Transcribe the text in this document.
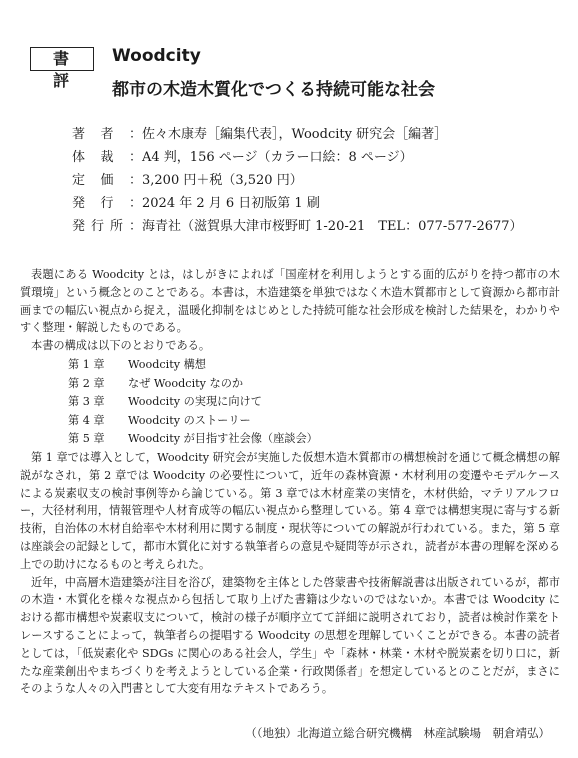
書 評
Woodcity
都市の木造木質化でつくる持続可能な社会
著者： 佐々木康寿［編集代表］，Woodcity 研究会［編著］
体裁： A4 判，156 ページ（カラー口絵：8 ページ）
定価： 3,200 円＋税（3,520 円）
発行： 2024 年 2 月 6 日初版第 1 刷
発行所： 海青社（滋賀県大津市桜野町 1-20-21　TEL：077-577-2677）

表題にある Woodcity とは，はしがきによれば「国産材を利用しようとする面的広がりを持つ都市の木質環境」という概念とのことである。本書は，木造建築を単独ではなく木造木質都市として資源から都市計画までの幅広い視点から捉え，温暖化抑制をはじめとした持続可能な社会形成を検討した結果を，わかりやすく整理・解説したものである。

本書の構成は以下のとおりである。

第 1 章	Woodcity 構想
第 2 章	なぜ Woodcity なのか
第 3 章	Woodcity の実現に向けて
第 4 章	Woodcity のストーリー
第 5 章	Woodcity が目指す社会像（座談会）

第 1 章では導入として，Woodcity 研究会が実施した仮想木造木質都市の構想検討を通じて概念構想の解説がなされ，第 2 章では Woodcity の必要性について，近年の森林資源・木材利用の変遷やモデルケースによる炭素収支の検討事例等から論じている。第 3 章では木材産業の実情を，木材供給，マテリアルフロー，大径材利用，情報管理や人材育成等の幅広い視点から整理している。第 4 章では構想実現に寄与する新技術，自治体の木材自給率や木材利用に関する制度・現状等についての解説が行われている。また，第 5 章は座談会の記録として，都市木質化に対する執筆者らの意見や疑問等が示され，読者が本書の理解を深める上での助けになるものと考えられた。

近年，中高層木造建築が注目を浴び，建築物を主体とした啓蒙書や技術解説書は出版されているが，都市の木造・木質化を様々な視点から包括して取り上げた書籍は少ないのではないか。本書では Woodcity における都市構想や炭素収支について，検討の様子が順序立てて詳細に説明されており，読者は検討作業をトレースすることによって，執筆者らの提唱する Woodcity の思想を理解していくことができる。本書の読者としては，「低炭素化や SDGs に関心のある社会人，学生」や「森林・林業・木材や脱炭素を切り口に，新たな産業創出やまちづくりを考えようとしている企業・行政関係者」を想定しているとのことだが，まさにそのような人々の入門書として大変有用なテキストであろう。

（（地独）北海道立総合研究機構　林産試験場　朝倉靖弘）
